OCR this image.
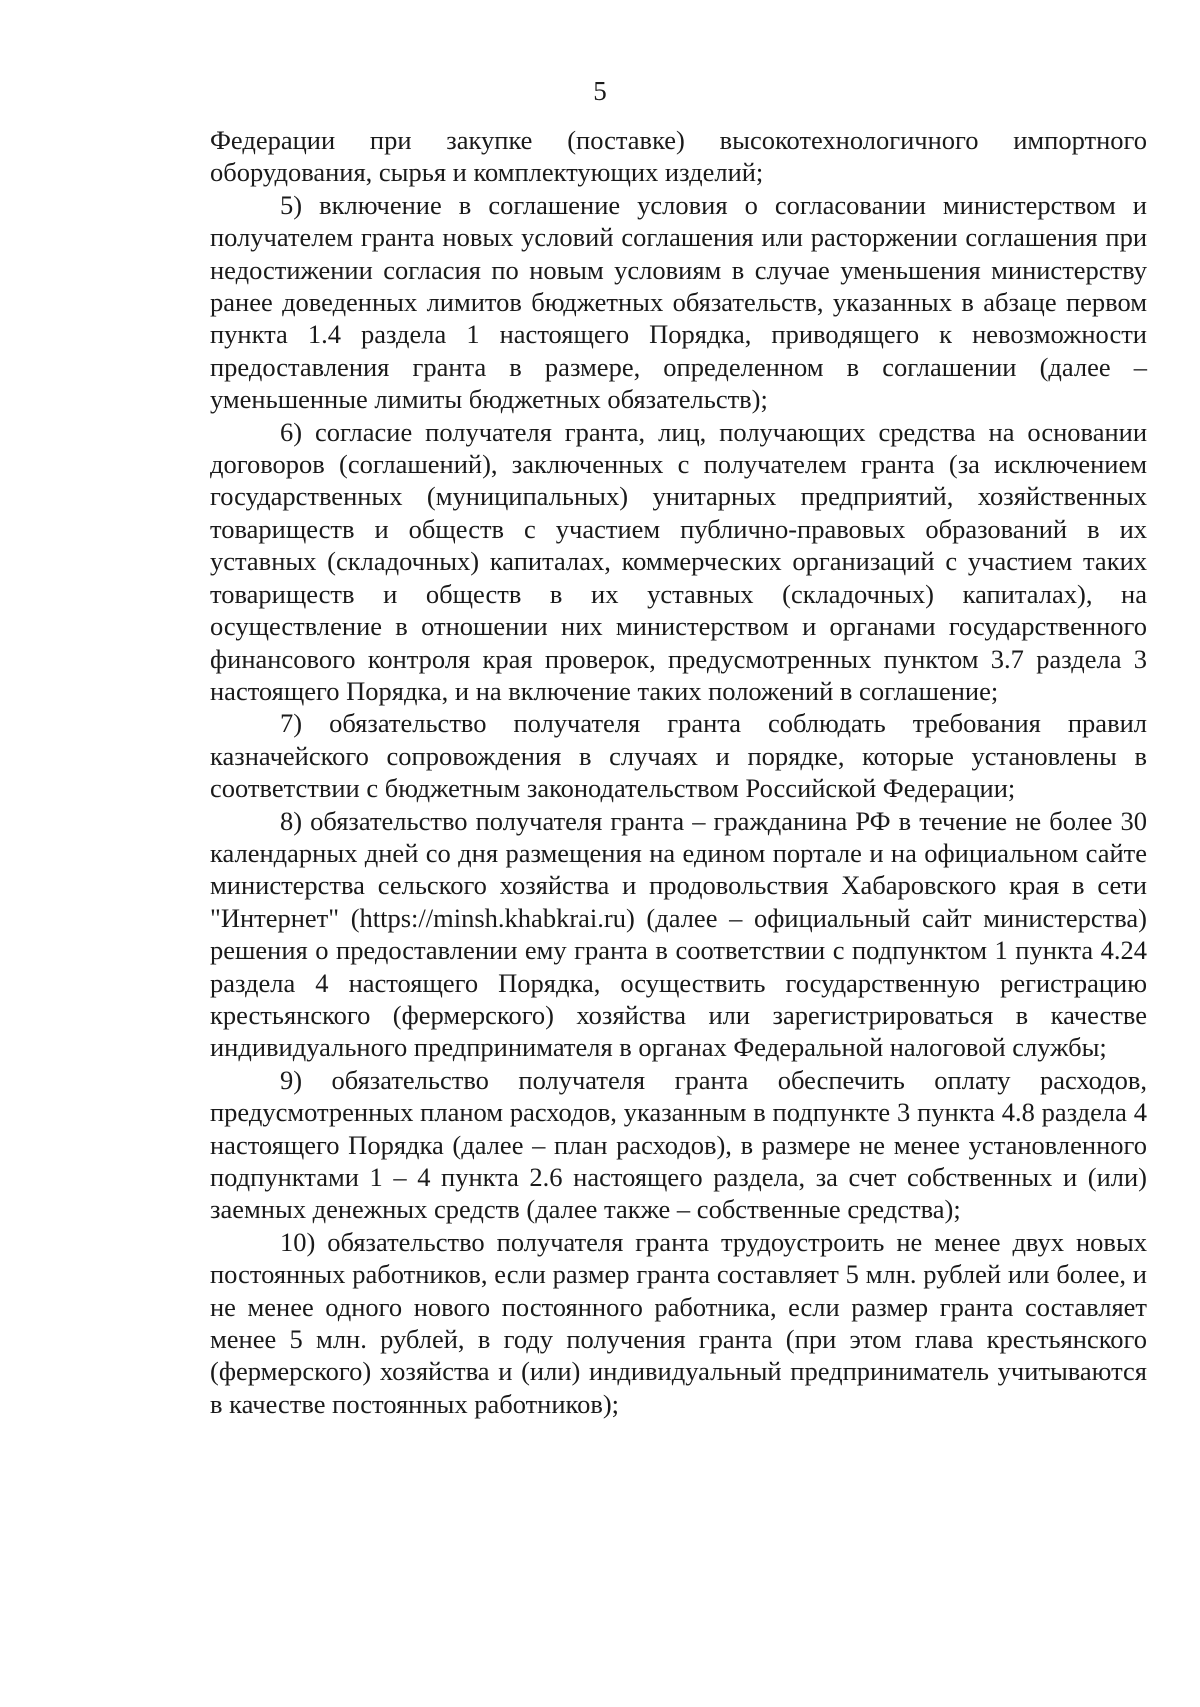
5

Федерации при закупке (поставке) высокотехнологичного импортного оборудования, сырья и комплектующих изделий;

5) включение в соглашение условия о согласовании министерством и получателем гранта новых условий соглашения или расторжении соглашения при недостижении согласия по новым условиям в случае уменьшения министерству ранее доведенных лимитов бюджетных обязательств, указанных в абзаце первом пункта 1.4 раздела 1 настоящего Порядка, приводящего к невозможности предоставления гранта в размере, определенном в соглашении (далее – уменьшенные лимиты бюджетных обязательств);

6) согласие получателя гранта, лиц, получающих средства на основании договоров (соглашений), заключенных с получателем гранта (за исключением государственных (муниципальных) унитарных предприятий, хозяйственных товариществ и обществ с участием публично-правовых образований в их уставных (складочных) капиталах, коммерческих организаций с участием таких товариществ и обществ в их уставных (складочных) капиталах), на осуществление в отношении них министерством и органами государственного финансового контроля края проверок, предусмотренных пунктом 3.7 раздела 3 настоящего Порядка, и на включение таких положений в соглашение;

7) обязательство получателя гранта соблюдать требования правил казначейского сопровождения в случаях и порядке, которые установлены в соответствии с бюджетным законодательством Российской Федерации;

8) обязательство получателя гранта – гражданина РФ в течение не более 30 календарных дней со дня размещения на едином портале и на официальном сайте министерства сельского хозяйства и продовольствия Хабаровского края в сети "Интернет" (https://minsh.khabkrai.ru) (далее – официальный сайт министерства) решения о предоставлении ему гранта в соответствии с подпунктом 1 пункта 4.24 раздела 4 настоящего Порядка, осуществить государственную регистрацию крестьянского (фермерского) хозяйства или зарегистрироваться в качестве индивидуального предпринимателя в органах Федеральной налоговой службы;

9) обязательство получателя гранта обеспечить оплату расходов, предусмотренных планом расходов, указанным в подпункте 3 пункта 4.8 раздела 4 настоящего Порядка (далее – план расходов), в размере не менее установленного подпунктами 1 – 4 пункта 2.6 настоящего раздела, за счет собственных и (или) заемных денежных средств (далее также – собственные средства);

10) обязательство получателя гранта трудоустроить не менее двух новых постоянных работников, если размер гранта составляет 5 млн. рублей или более, и не менее одного нового постоянного работника, если размер гранта составляет менее 5 млн. рублей, в году получения гранта (при этом глава крестьянского (фермерского) хозяйства и (или) индивидуальный предприниматель учитываются в качестве постоянных работников);
